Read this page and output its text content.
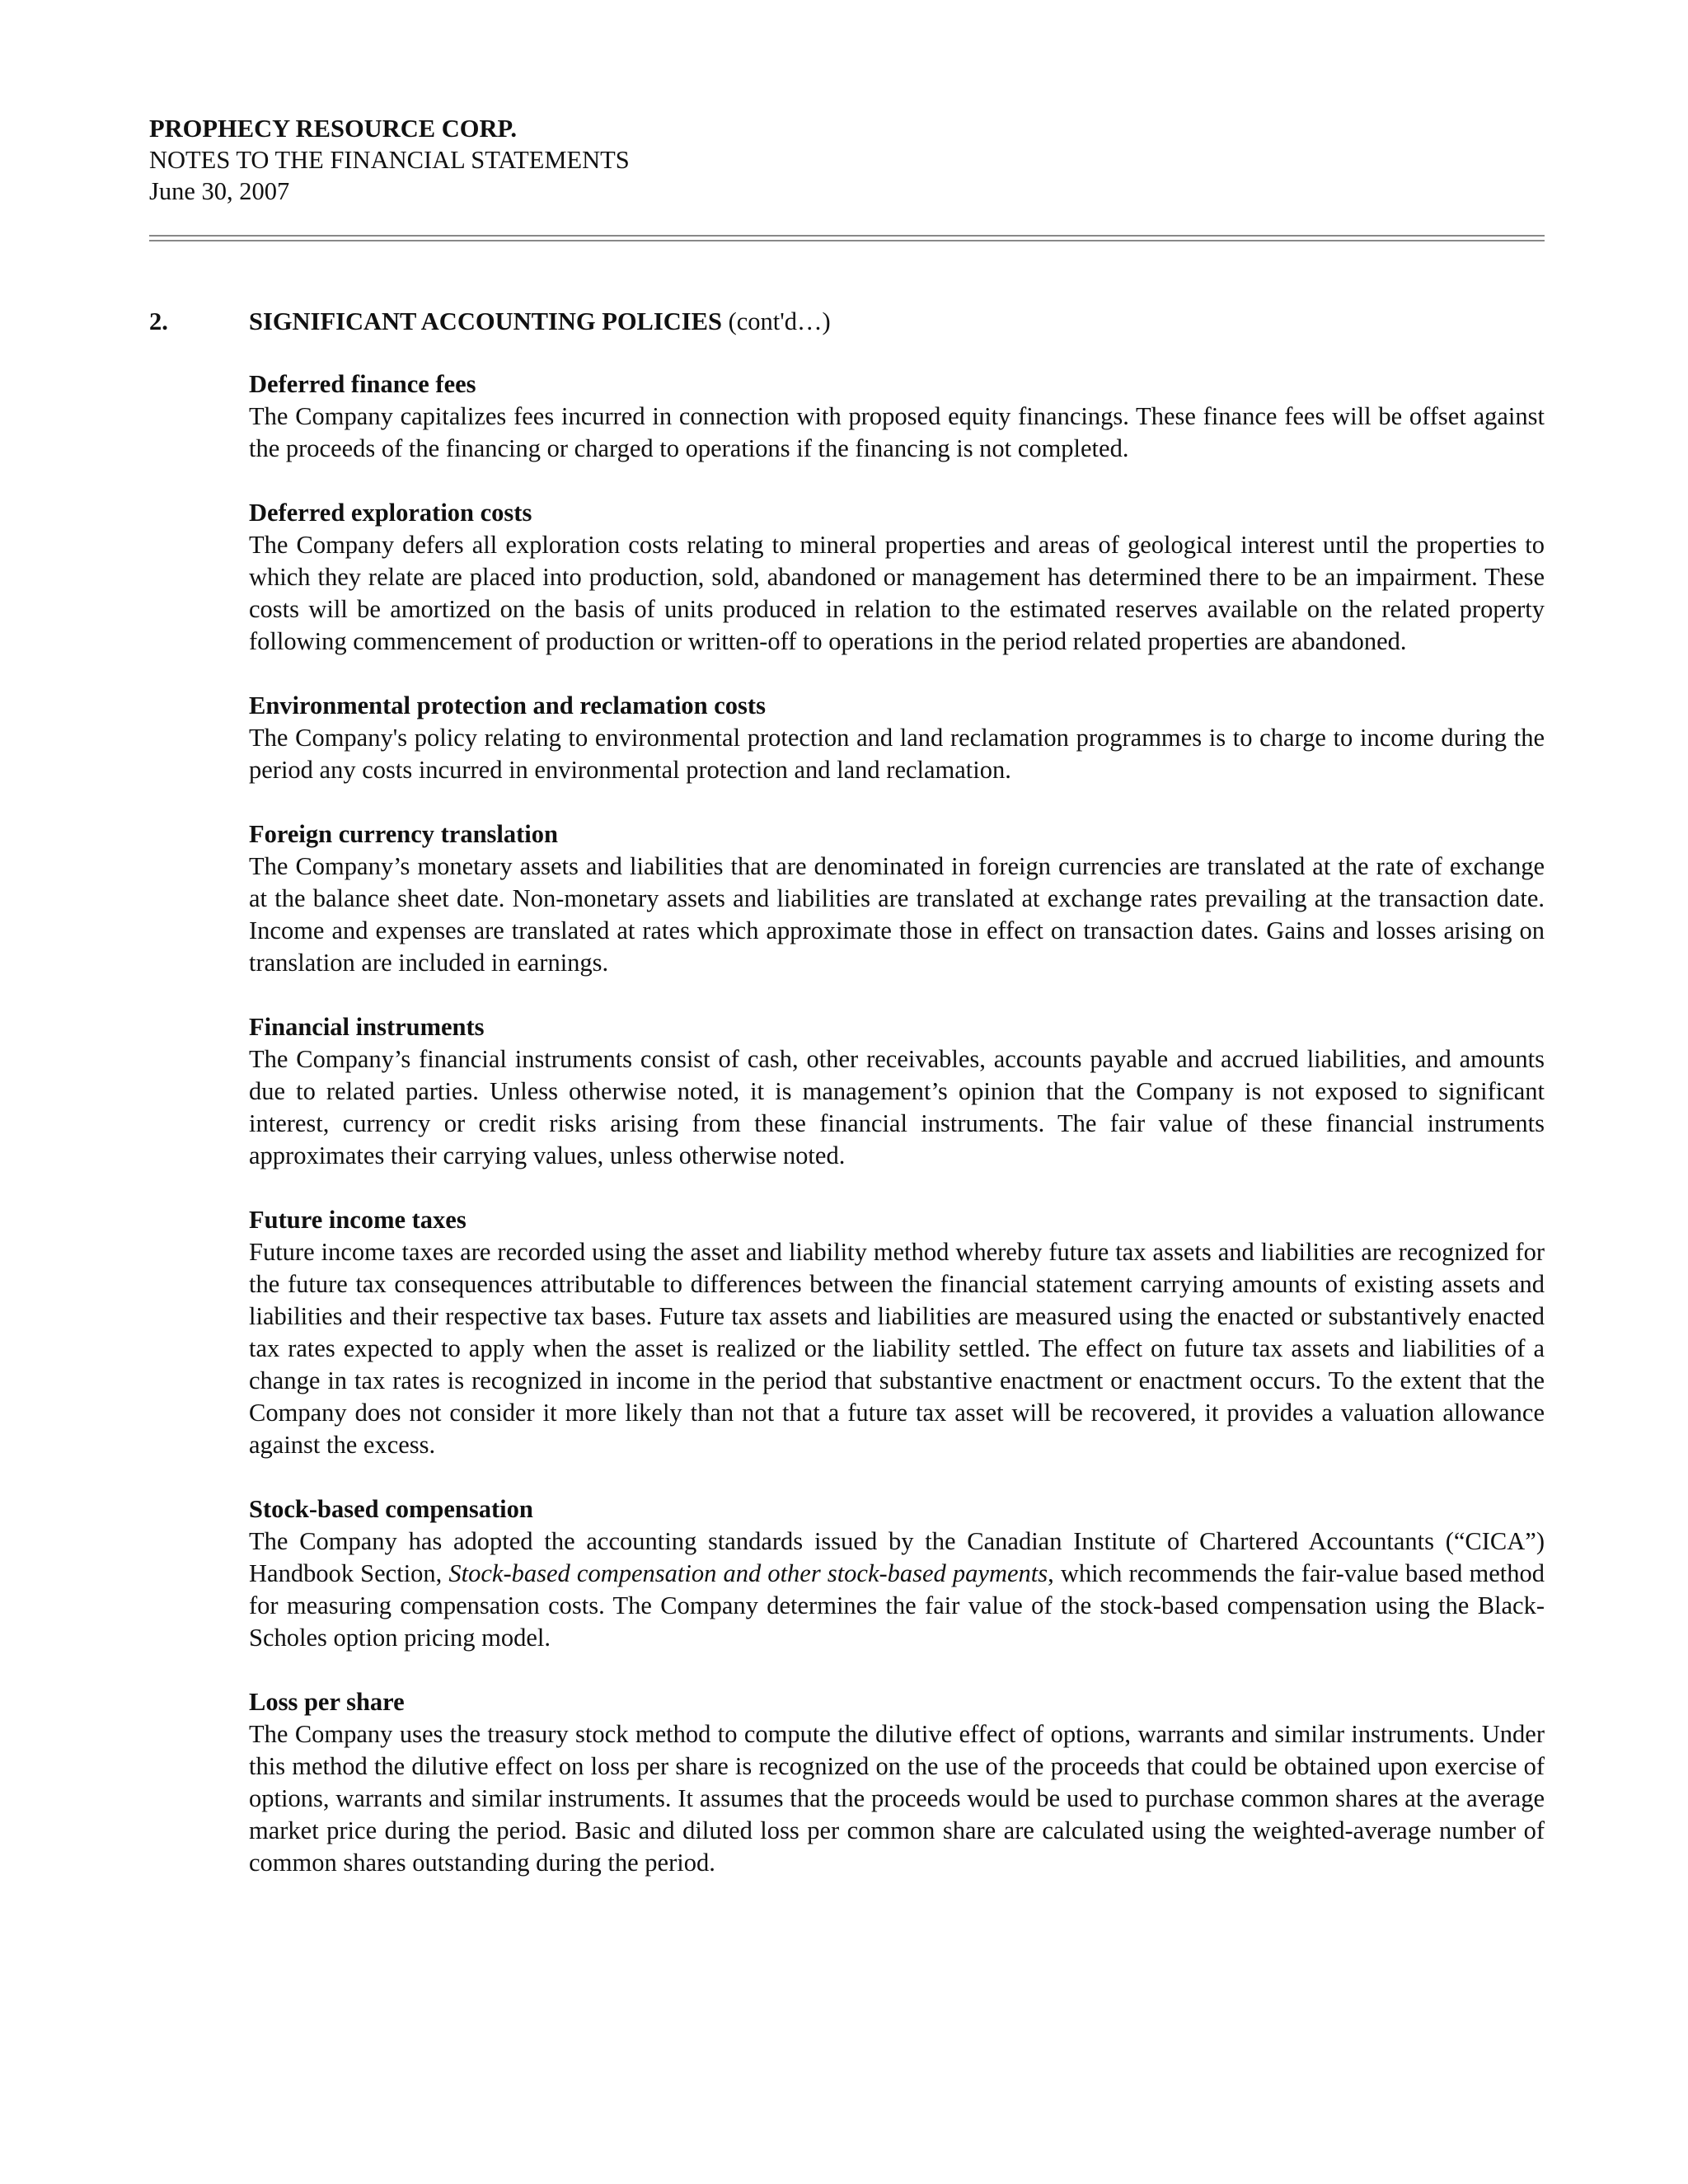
PROPHECY RESOURCE CORP.
NOTES TO THE FINANCIAL STATEMENTS
June 30, 2007
2.	SIGNIFICANT ACCOUNTING POLICIES (cont'd…)
Deferred finance fees

The Company capitalizes fees incurred in connection with proposed equity financings. These finance fees will be offset against the proceeds of the financing or charged to operations if the financing is not completed.

Deferred exploration costs

The Company defers all exploration costs relating to mineral properties and areas of geological interest until the properties to which they relate are placed into production, sold, abandoned or management has determined there to be an impairment. These costs will be amortized on the basis of units produced in relation to the estimated reserves available on the related property following commencement of production or written-off to operations in the period related properties are abandoned.

Environmental protection and reclamation costs

The Company's policy relating to environmental protection and land reclamation programmes is to charge to income during the period any costs incurred in environmental protection and land reclamation.

Foreign currency translation

The Company’s monetary assets and liabilities that are denominated in foreign currencies are translated at the rate of exchange at the balance sheet date. Non-monetary assets and liabilities are translated at exchange rates prevailing at the transaction date. Income and expenses are translated at rates which approximate those in effect on transaction dates. Gains and losses arising on translation are included in earnings.

Financial instruments

The Company’s financial instruments consist of cash, other receivables, accounts payable and accrued liabilities, and amounts due to related parties. Unless otherwise noted, it is management’s opinion that the Company is not exposed to significant interest, currency or credit risks arising from these financial instruments. The fair value of these financial instruments approximates their carrying values, unless otherwise noted.

Future income taxes

Future income taxes are recorded using the asset and liability method whereby future tax assets and liabilities are recognized for the future tax consequences attributable to differences between the financial statement carrying amounts of existing assets and liabilities and their respective tax bases. Future tax assets and liabilities are measured using the enacted or substantively enacted tax rates expected to apply when the asset is realized or the liability settled. The effect on future tax assets and liabilities of a change in tax rates is recognized in income in the period that substantive enactment or enactment occurs. To the extent that the Company does not consider it more likely than not that a future tax asset will be recovered, it provides a valuation allowance against the excess.

Stock-based compensation

The Company has adopted the accounting standards issued by the Canadian Institute of Chartered Accountants (“CICA”) Handbook Section, Stock-based compensation and other stock-based payments, which recommends the fair-value based method for measuring compensation costs. The Company determines the fair value of the stock-based compensation using the Black-Scholes option pricing model.

Loss per share

The Company uses the treasury stock method to compute the dilutive effect of options, warrants and similar instruments. Under this method the dilutive effect on loss per share is recognized on the use of the proceeds that could be obtained upon exercise of options, warrants and similar instruments. It assumes that the proceeds would be used to purchase common shares at the average market price during the period. Basic and diluted loss per common share are calculated using the weighted-average number of common shares outstanding during the period.
